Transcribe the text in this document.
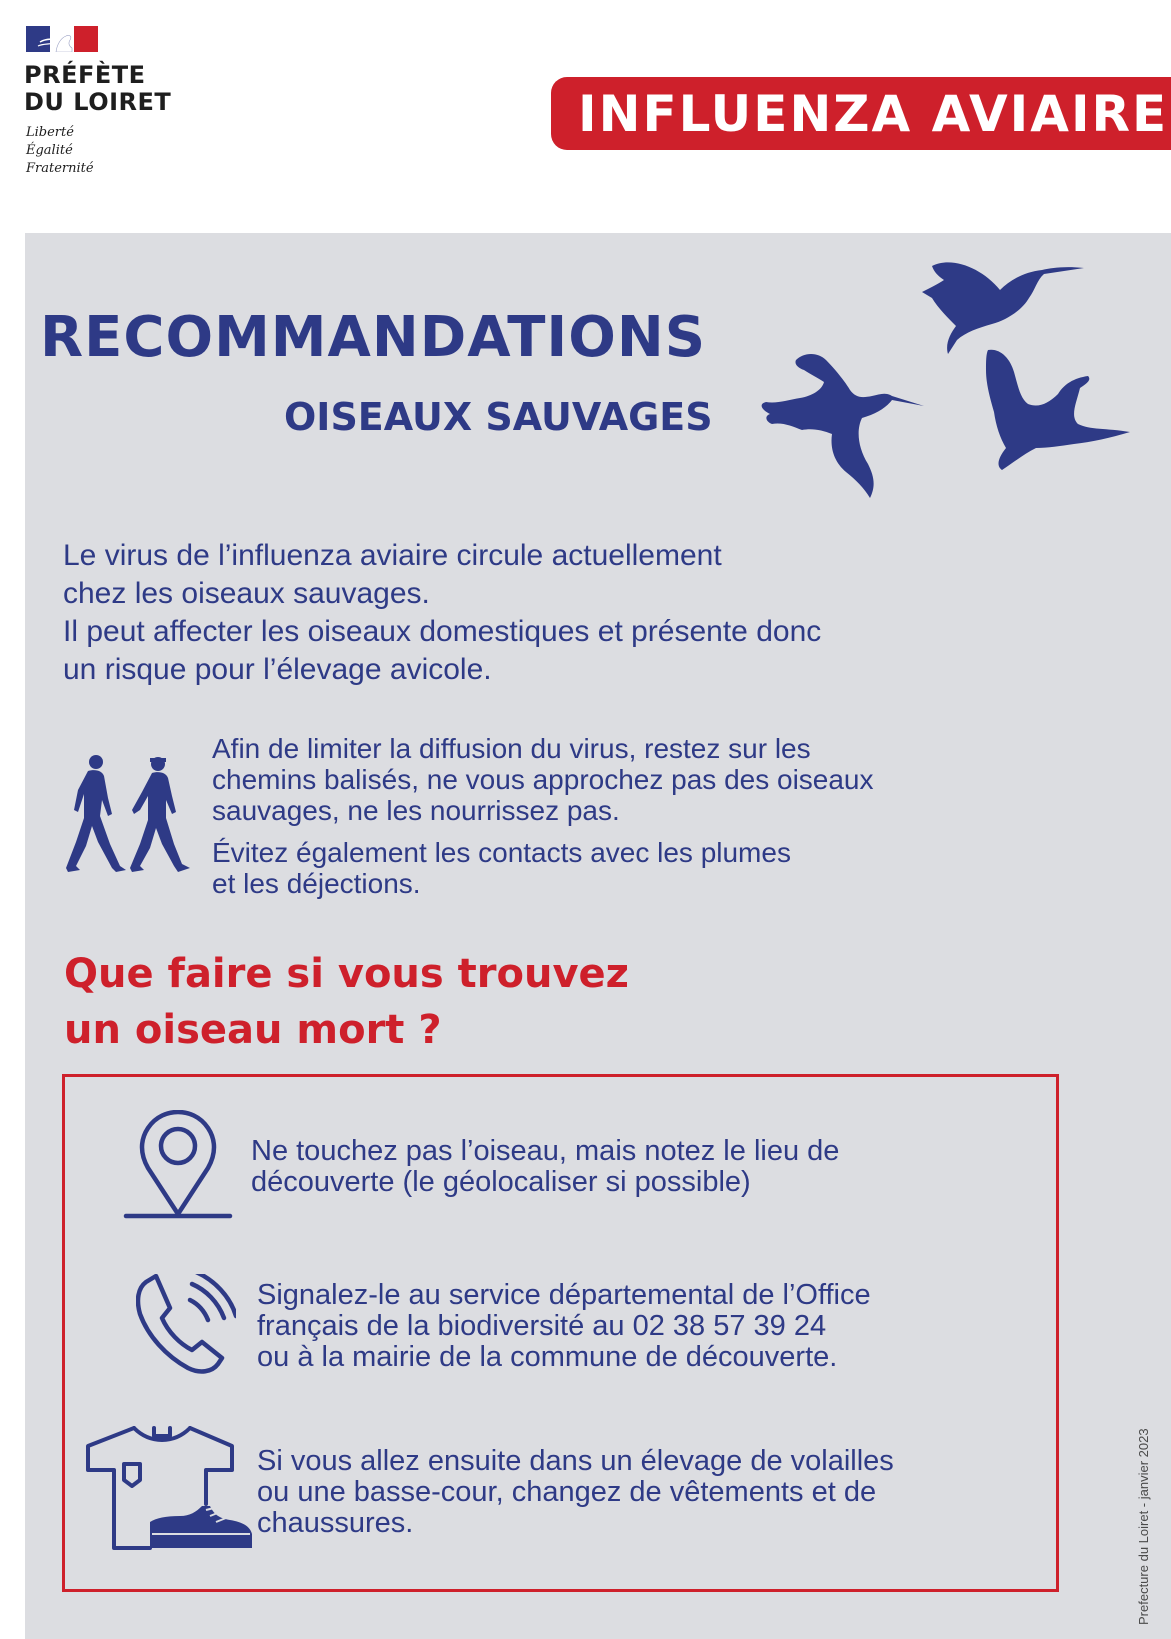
PRÉFÈTE
DU LOIRET
Liberté
Égalité
Fraternité
INFLUENZA AVIAIRE
RECOMMANDATIONS
OISEAUX SAUVAGES
Le virus de l’influenza aviaire circule actuellement
chez les oiseaux sauvages.
Il peut affecter les oiseaux domestiques et présente donc
un risque pour l’élevage avicole.
Afin de limiter la diffusion du virus, restez sur les
chemins balisés, ne vous approchez pas des oiseaux
sauvages, ne les nourrissez pas.
Évitez également les contacts avec les plumes
et les déjections.
Que faire si vous trouvez
un oiseau mort ?
Ne touchez pas l’oiseau, mais notez le lieu de
découverte (le géolocaliser si possible)
Signalez-le au service départemental de l’Office
français de la biodiversité au 02 38 57 39 24
ou à la mairie de la commune de découverte.
Si vous allez ensuite dans un élevage de volailles
ou une basse-cour, changez de vêtements et de
chaussures.	Prefecture du Loiret - janvier 2023
